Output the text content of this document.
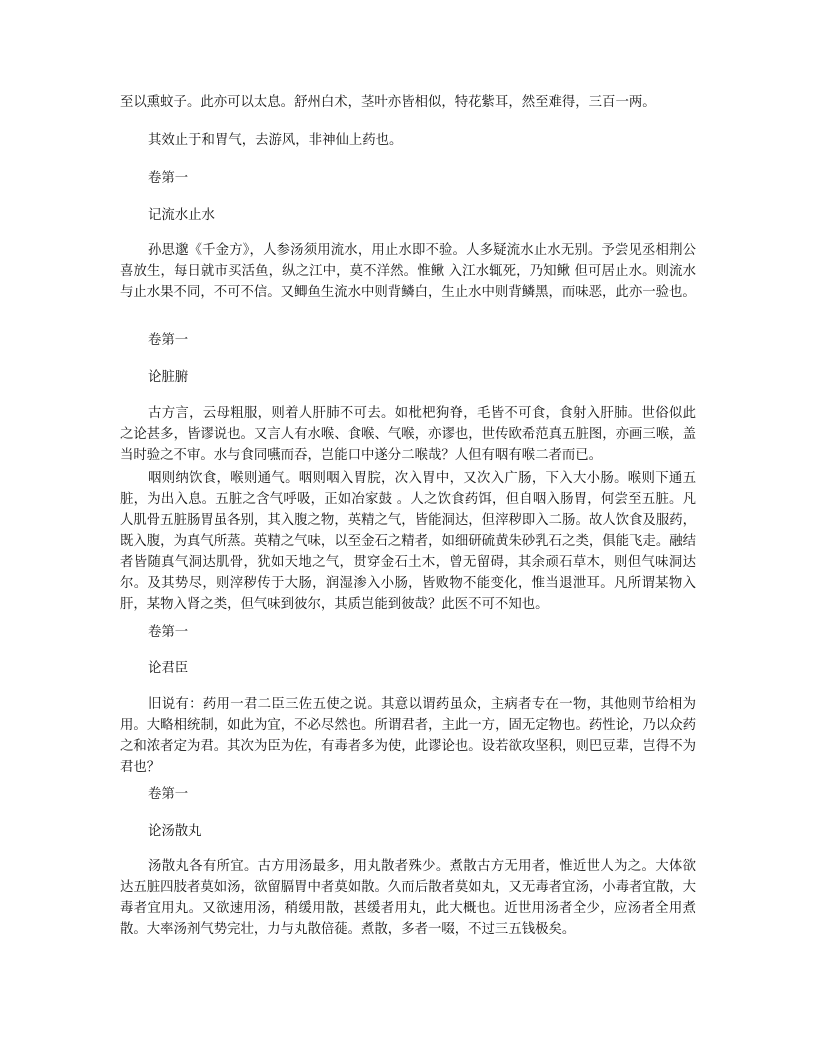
至以熏蚊子。此亦可以太息。舒州白术，茎叶亦皆相似，特花紫耳，然至难得，三百一两。

其效止于和胃气，去游风，非神仙上药也。

卷第一

记流水止水

孙思邈《千金方》，人参汤须用流水，用止水即不验。人多疑流水止水无别。予尝见丞相荆公喜放生，每日就市买活鱼，纵之江中，莫不洋然。惟鳅 入江水辄死，乃知鳅 但可居止水。则流水与止水果不同，不可不信。又鲫鱼生流水中则背鳞白，生止水中则背鳞黑，而味恶，此亦一验也。

卷第一

论脏腑

古方言，云母粗服，则着人肝肺不可去。如枇杷狗脊，毛皆不可食，食射入肝肺。世俗似此之论甚多，皆谬说也。又言人有水喉、食喉、气喉，亦谬也，世传欧希范真五脏图，亦画三喉，盖当时验之不审。水与食同嚥而吞，岂能口中遂分二喉哉？人但有咽有喉二者而已。

咽则纳饮食，喉则通气。咽则咽入胃脘，次入胃中，又次入广肠，下入大小肠。喉则下通五脏，为出入息。五脏之含气呼吸，正如冶家鼓 。人之饮食药饵，但自咽入肠胃，何尝至五脏。凡人肌骨五脏肠胃虽各别，其入腹之物，英精之气，皆能洞达，但滓秽即入二肠。故人饮食及服药，既入腹，为真气所蒸。英精之气味，以至金石之精者，如细研硫黄朱砂乳石之类，俱能飞走。融结者皆随真气洞达肌骨，犹如天地之气，贯穿金石土木，曾无留碍，其余顽石草木，则但气味洞达尔。及其势尽，则滓秽传于大肠，润湿渗入小肠，皆败物不能变化，惟当退泄耳。凡所谓某物入肝，某物入肾之类，但气味到彼尔，其质岂能到彼哉？此医不可不知也。

卷第一

论君臣

旧说有：药用一君二臣三佐五使之说。其意以谓药虽众，主病者专在一物，其他则节给相为用。大略相统制，如此为宜，不必尽然也。所谓君者，主此一方，固无定物也。药性论，乃以众药之和浓者定为君。其次为臣为佐，有毒者多为使，此谬论也。设若欲攻坚积，则巴豆辈，岂得不为君也？

卷第一

论汤散丸

汤散丸各有所宜。古方用汤最多，用丸散者殊少。煮散古方无用者，惟近世人为之。大体欲达五脏四肢者莫如汤，欲留膈胃中者莫如散。久而后散者莫如丸，又无毒者宜汤，小毒者宜散，大毒者宜用丸。又欲速用汤，稍缓用散，甚缓者用丸，此大概也。近世用汤者全少，应汤者全用煮散。大率汤剂气势完壮，力与丸散倍蓰。煮散，多者一啜，不过三五钱极矣。
